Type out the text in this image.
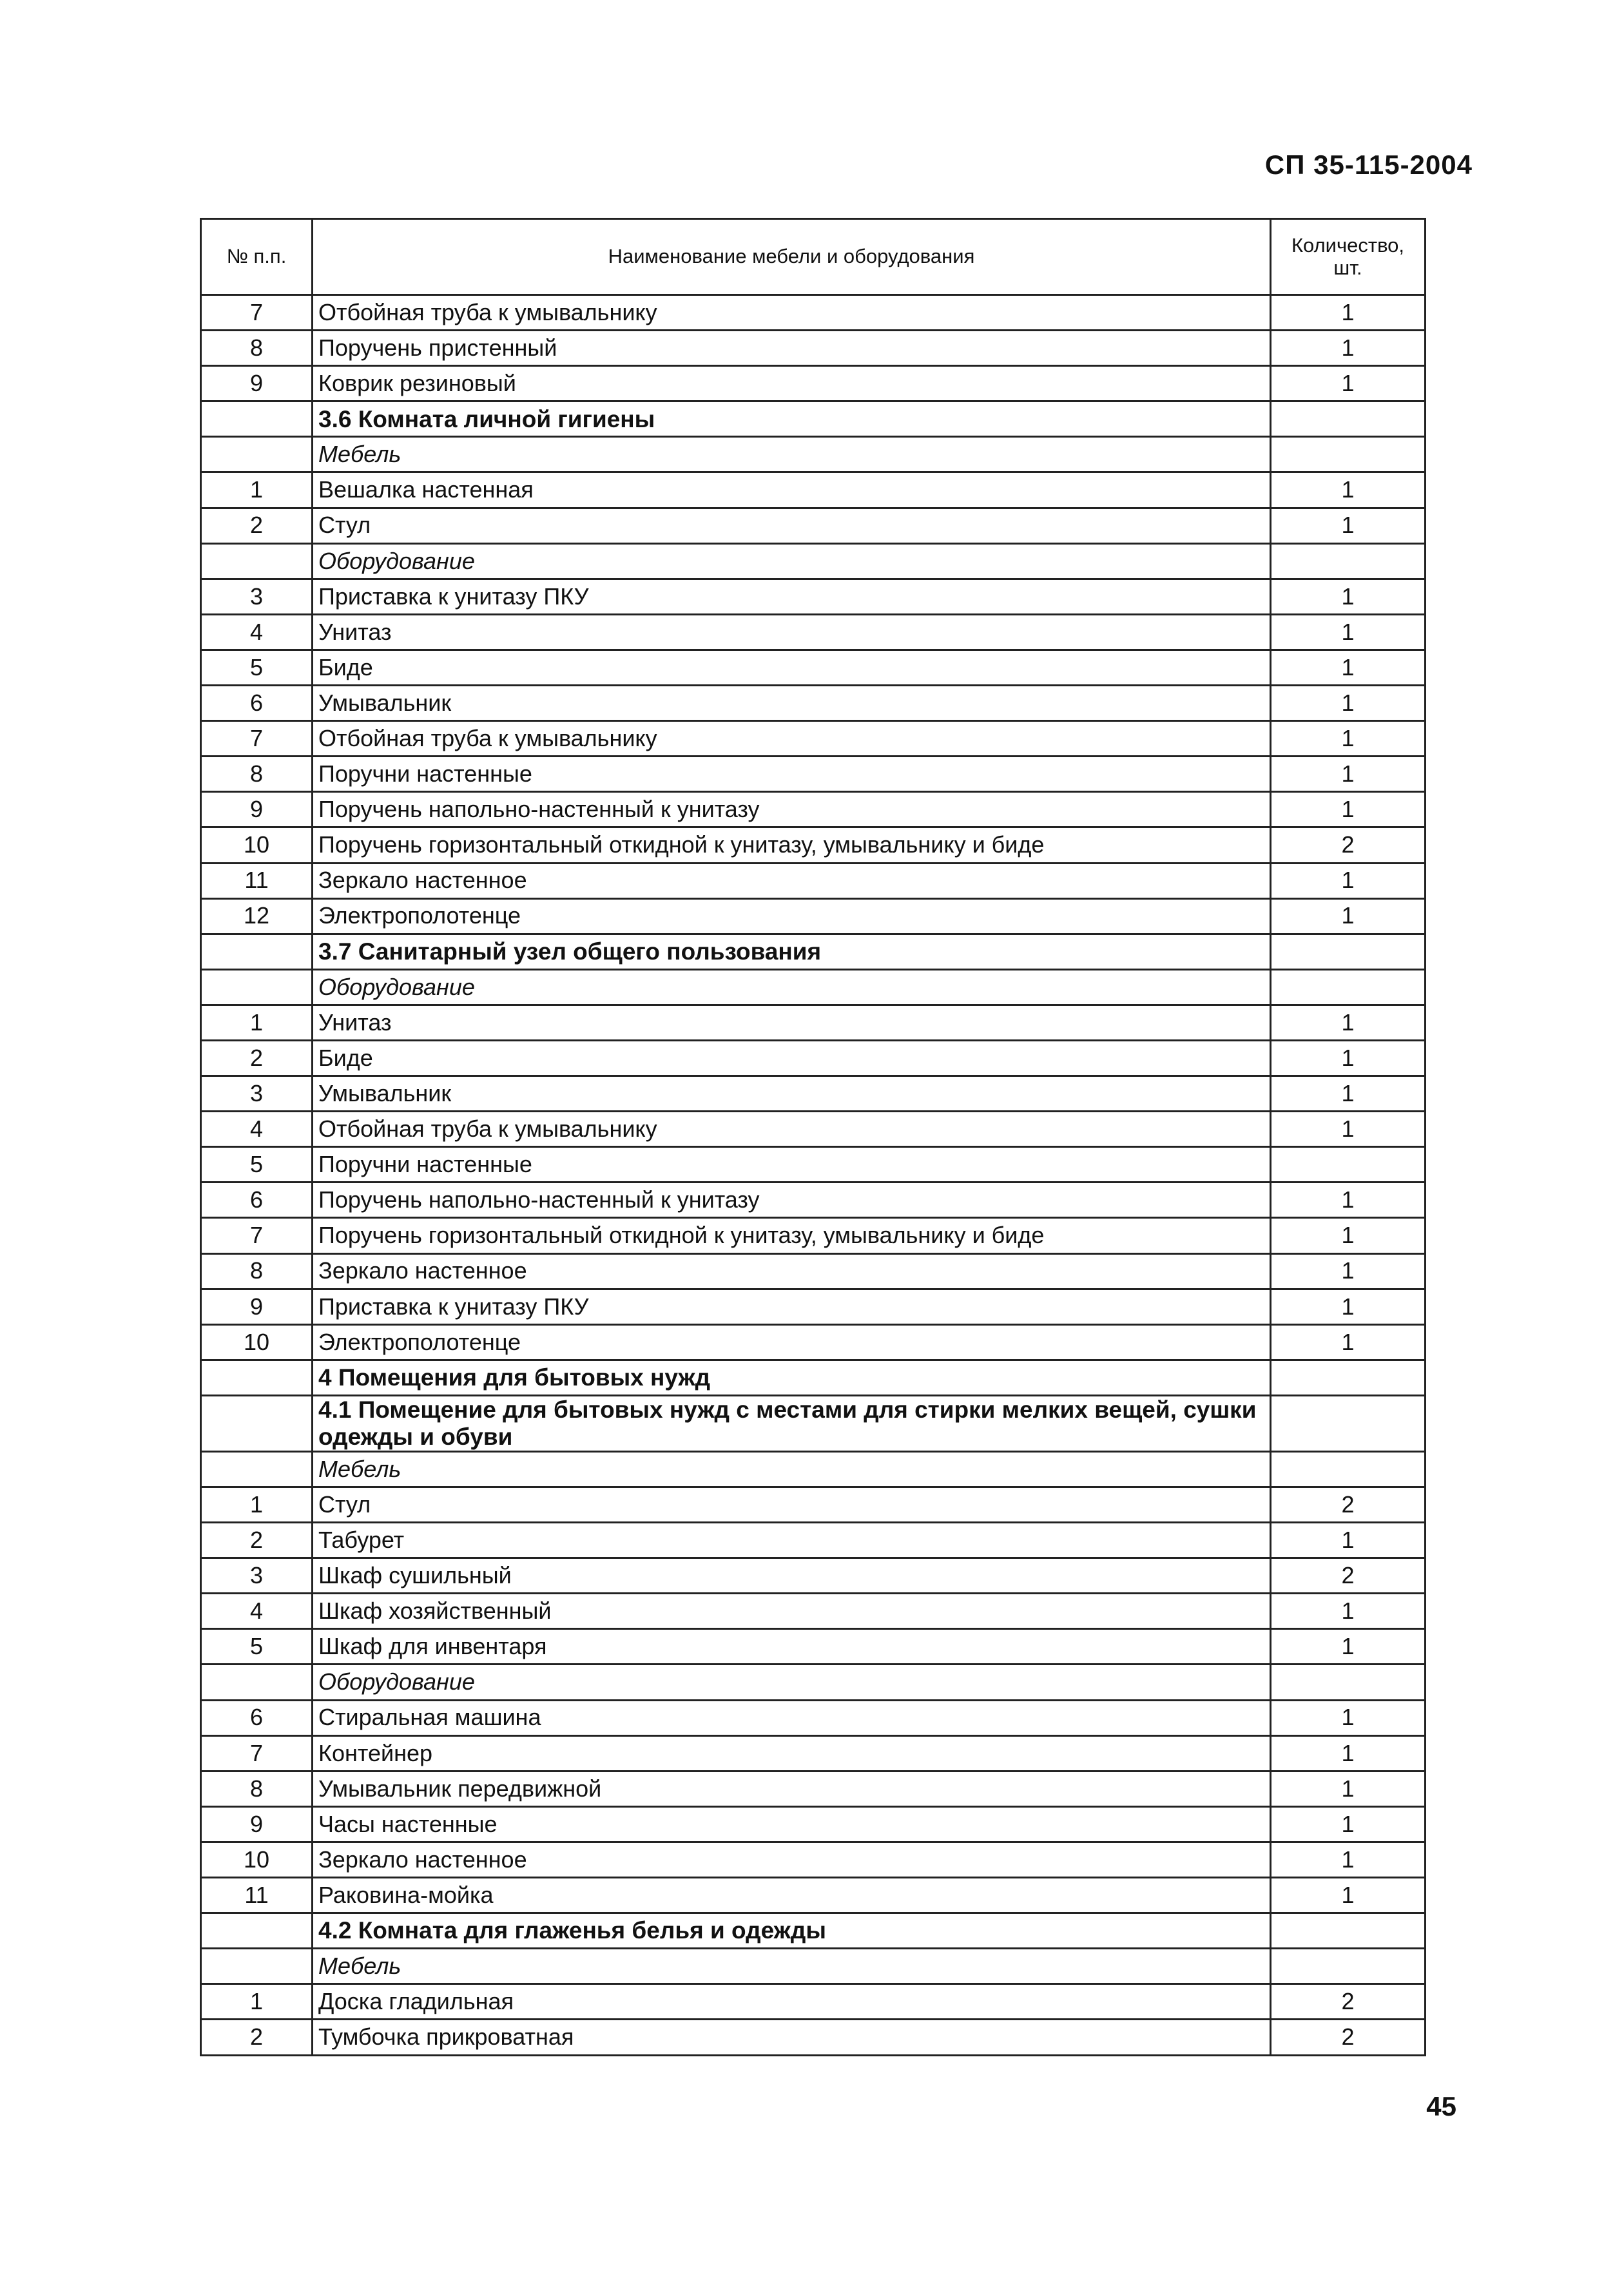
СП 35-115-2004
№ п.п.	Наименование мебели и оборудования	Количество, шт.
7	Отбойная труба к умывальнику	1
8	Поручень пристенный	1
9	Коврик резиновый	1
	3.6 Комната личной гигиены	
	Мебель	
1	Вешалка настенная	1
2	Стул	1
	Оборудование	
3	Приставка к унитазу ПКУ	1
4	Унитаз	1
5	Биде	1
6	Умывальник	1
7	Отбойная труба к умывальнику	1
8	Поручни настенные	1
9	Поручень напольно-настенный к унитазу	1
10	Поручень горизонтальный откидной к унитазу, умывальнику и биде	2
11	Зеркало настенное	1
12	Электрополотенце	1
	3.7 Санитарный узел общего пользования	
	Оборудование	
1	Унитаз	1
2	Биде	1
3	Умывальник	1
4	Отбойная труба к умывальнику	1
5	Поручни настенные	
6	Поручень напольно-настенный к унитазу	1
7	Поручень горизонтальный откидной к унитазу, умывальнику и биде	1
8	Зеркало настенное	1
9	Приставка к унитазу ПКУ	1
10	Электрополотенце	1
	4 Помещения для бытовых нужд	
	4.1 Помещение для бытовых нужд с местами для стирки мелких вещей, сушки одежды и обуви	
	Мебель	
1	Стул	2
2	Табурет	1
3	Шкаф сушильный	2
4	Шкаф хозяйственный	1
5	Шкаф для инвентаря	1
	Оборудование	
6	Стиральная машина	1
7	Контейнер	1
8	Умывальник передвижной	1
9	Часы настенные	1
10	Зеркало настенное	1
11	Раковина-мойка	1
	4.2 Комната для глаженья белья и одежды	
	Мебель	
1	Доска гладильная	2
2	Тумбочка прикроватная	2
45
